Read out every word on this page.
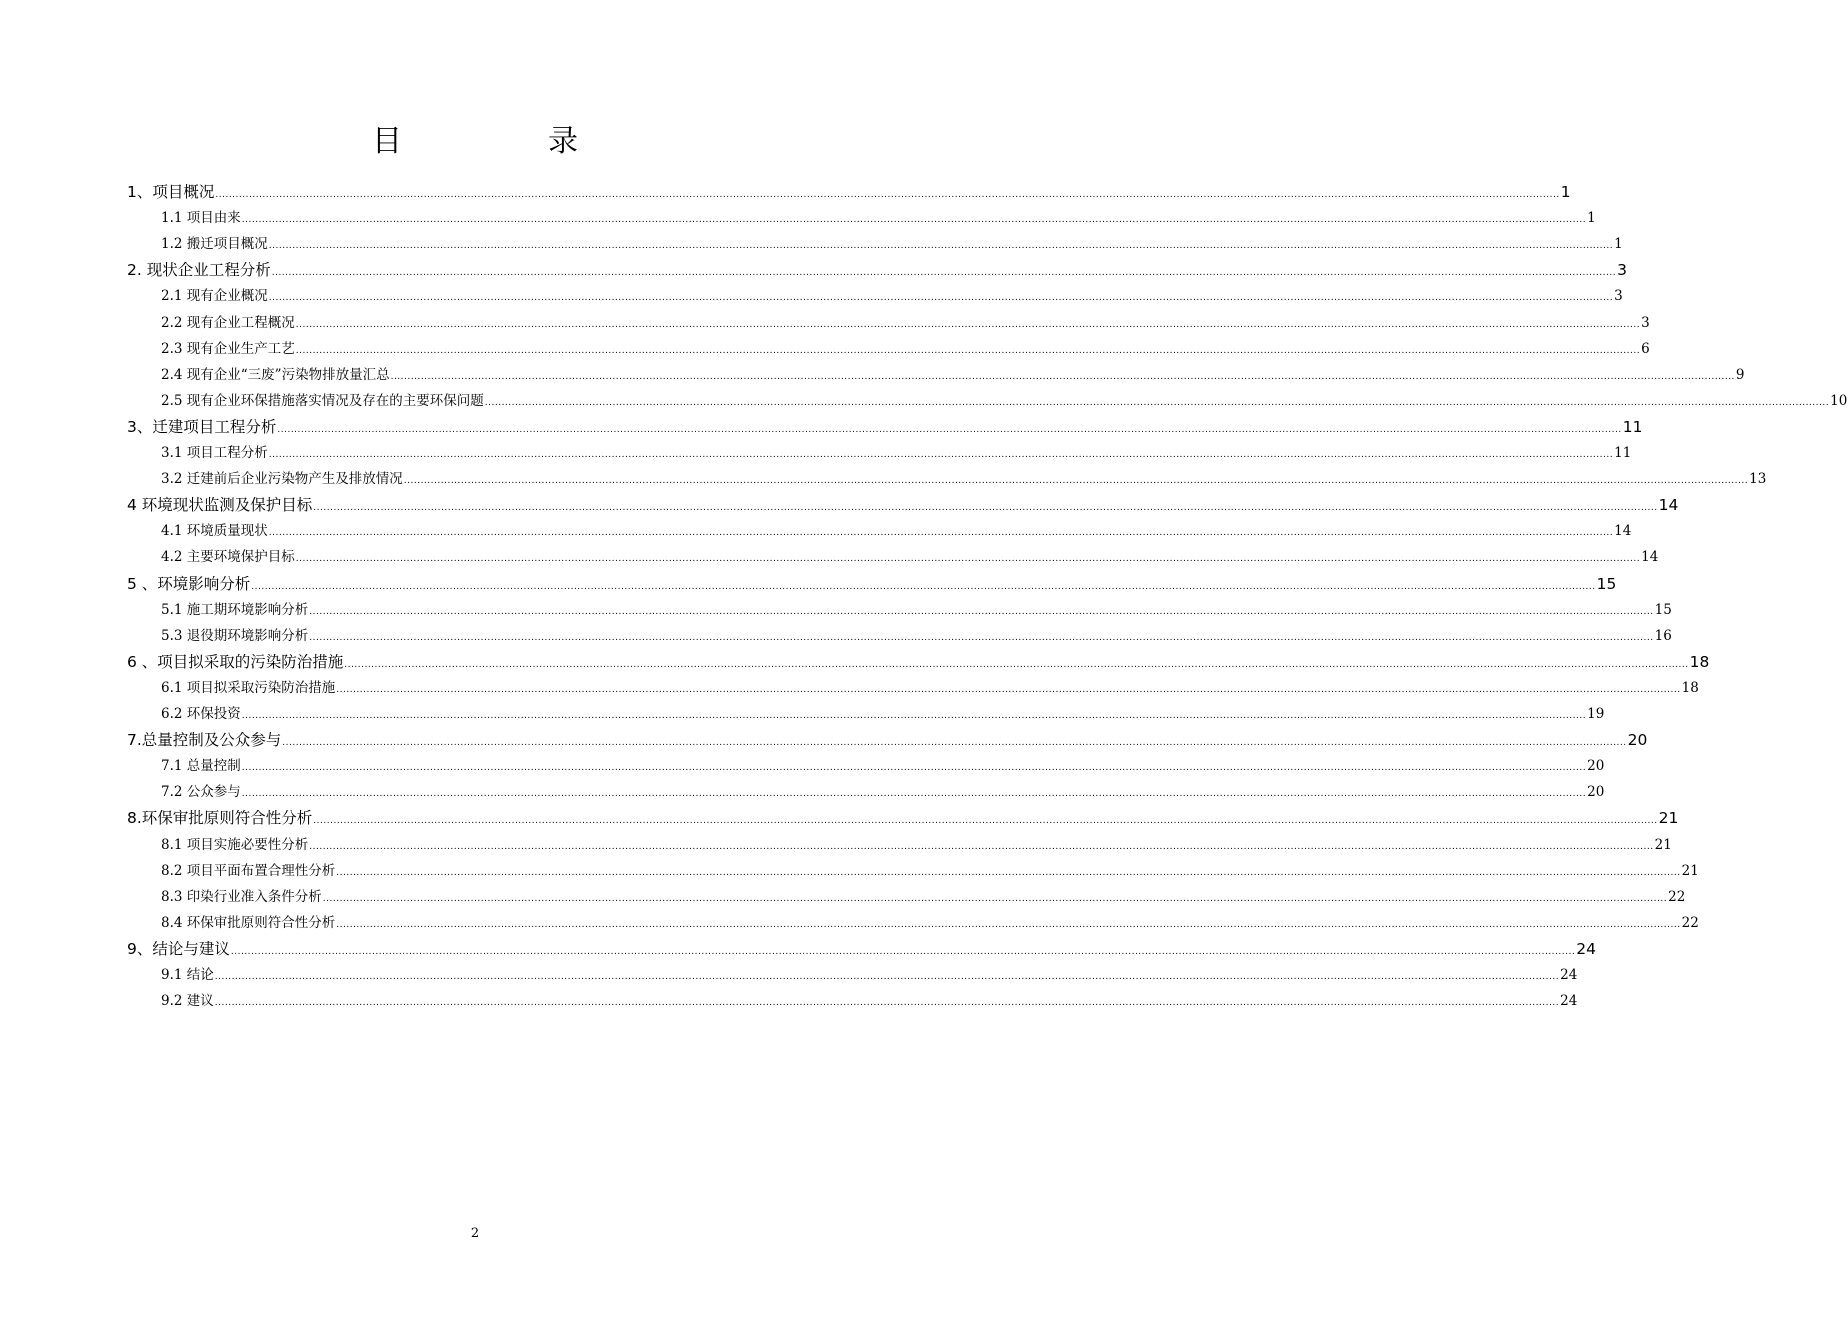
目　录
1、项目概况 ................................................................................................................................................................................................................................................................................................................................................................................................................ 1
1.1 项目由来 ................................................................................................................................................................................................................................................................................................................................................................................................................ 1
1.2 搬迁项目概况 ................................................................................................................................................................................................................................................................................................................................................................................................................ 1
2. 现状企业工程分析 ................................................................................................................................................................................................................................................................................................................................................................................................................ 3
2.1 现有企业概况 ................................................................................................................................................................................................................................................................................................................................................................................................................ 3
2.2 现有企业工程概况 ................................................................................................................................................................................................................................................................................................................................................................................................................ 3
2.3 现有企业生产工艺 ................................................................................................................................................................................................................................................................................................................................................................................................................ 6
2.4 现有企业“三废”污染物排放量汇总 ................................................................................................................................................................................................................................................................................................................................................................................................................ 9
2.5 现有企业环保措施落实情况及存在的主要环保问题 ................................................................................................................................................................................................................................................................................................................................................................................................................ 10
3、迁建项目工程分析 ................................................................................................................................................................................................................................................................................................................................................................................................................ 11
3.1 项目工程分析 ................................................................................................................................................................................................................................................................................................................................................................................................................ 11
3.2 迁建前后企业污染物产生及排放情况 ................................................................................................................................................................................................................................................................................................................................................................................................................ 13
4 环境现状监测及保护目标 ................................................................................................................................................................................................................................................................................................................................................................................................................ 14
4.1 环境质量现状 ................................................................................................................................................................................................................................................................................................................................................................................................................ 14
4.2 主要环境保护目标 ................................................................................................................................................................................................................................................................................................................................................................................................................ 14
5 、环境影响分析 ................................................................................................................................................................................................................................................................................................................................................................................................................ 15
5.1 施工期环境影响分析 ................................................................................................................................................................................................................................................................................................................................................................................................................ 15
5.3 退役期环境影响分析 ................................................................................................................................................................................................................................................................................................................................................................................................................ 16
6 、项目拟采取的污染防治措施 ................................................................................................................................................................................................................................................................................................................................................................................................................ 18
6.1 项目拟采取污染防治措施 ................................................................................................................................................................................................................................................................................................................................................................................................................ 18
6.2 环保投资 ................................................................................................................................................................................................................................................................................................................................................................................................................ 19
7.总量控制及公众参与 ................................................................................................................................................................................................................................................................................................................................................................................................................ 20
7.1 总量控制 ................................................................................................................................................................................................................................................................................................................................................................................................................ 20
7.2 公众参与 ................................................................................................................................................................................................................................................................................................................................................................................................................ 20
8.环保审批原则符合性分析 ................................................................................................................................................................................................................................................................................................................................................................................................................ 21
8.1 项目实施必要性分析 ................................................................................................................................................................................................................................................................................................................................................................................................................ 21
8.2 项目平面布置合理性分析 ................................................................................................................................................................................................................................................................................................................................................................................................................ 21
8.3 印染行业准入条件分析 ................................................................................................................................................................................................................................................................................................................................................................................................................ 22
8.4 环保审批原则符合性分析 ................................................................................................................................................................................................................................................................................................................................................................................................................ 22
9、结论与建议 ................................................................................................................................................................................................................................................................................................................................................................................................................ 24
9.1 结论 ................................................................................................................................................................................................................................................................................................................................................................................................................ 24
9.2 建议 ................................................................................................................................................................................................................................................................................................................................................................................................................ 24
2
